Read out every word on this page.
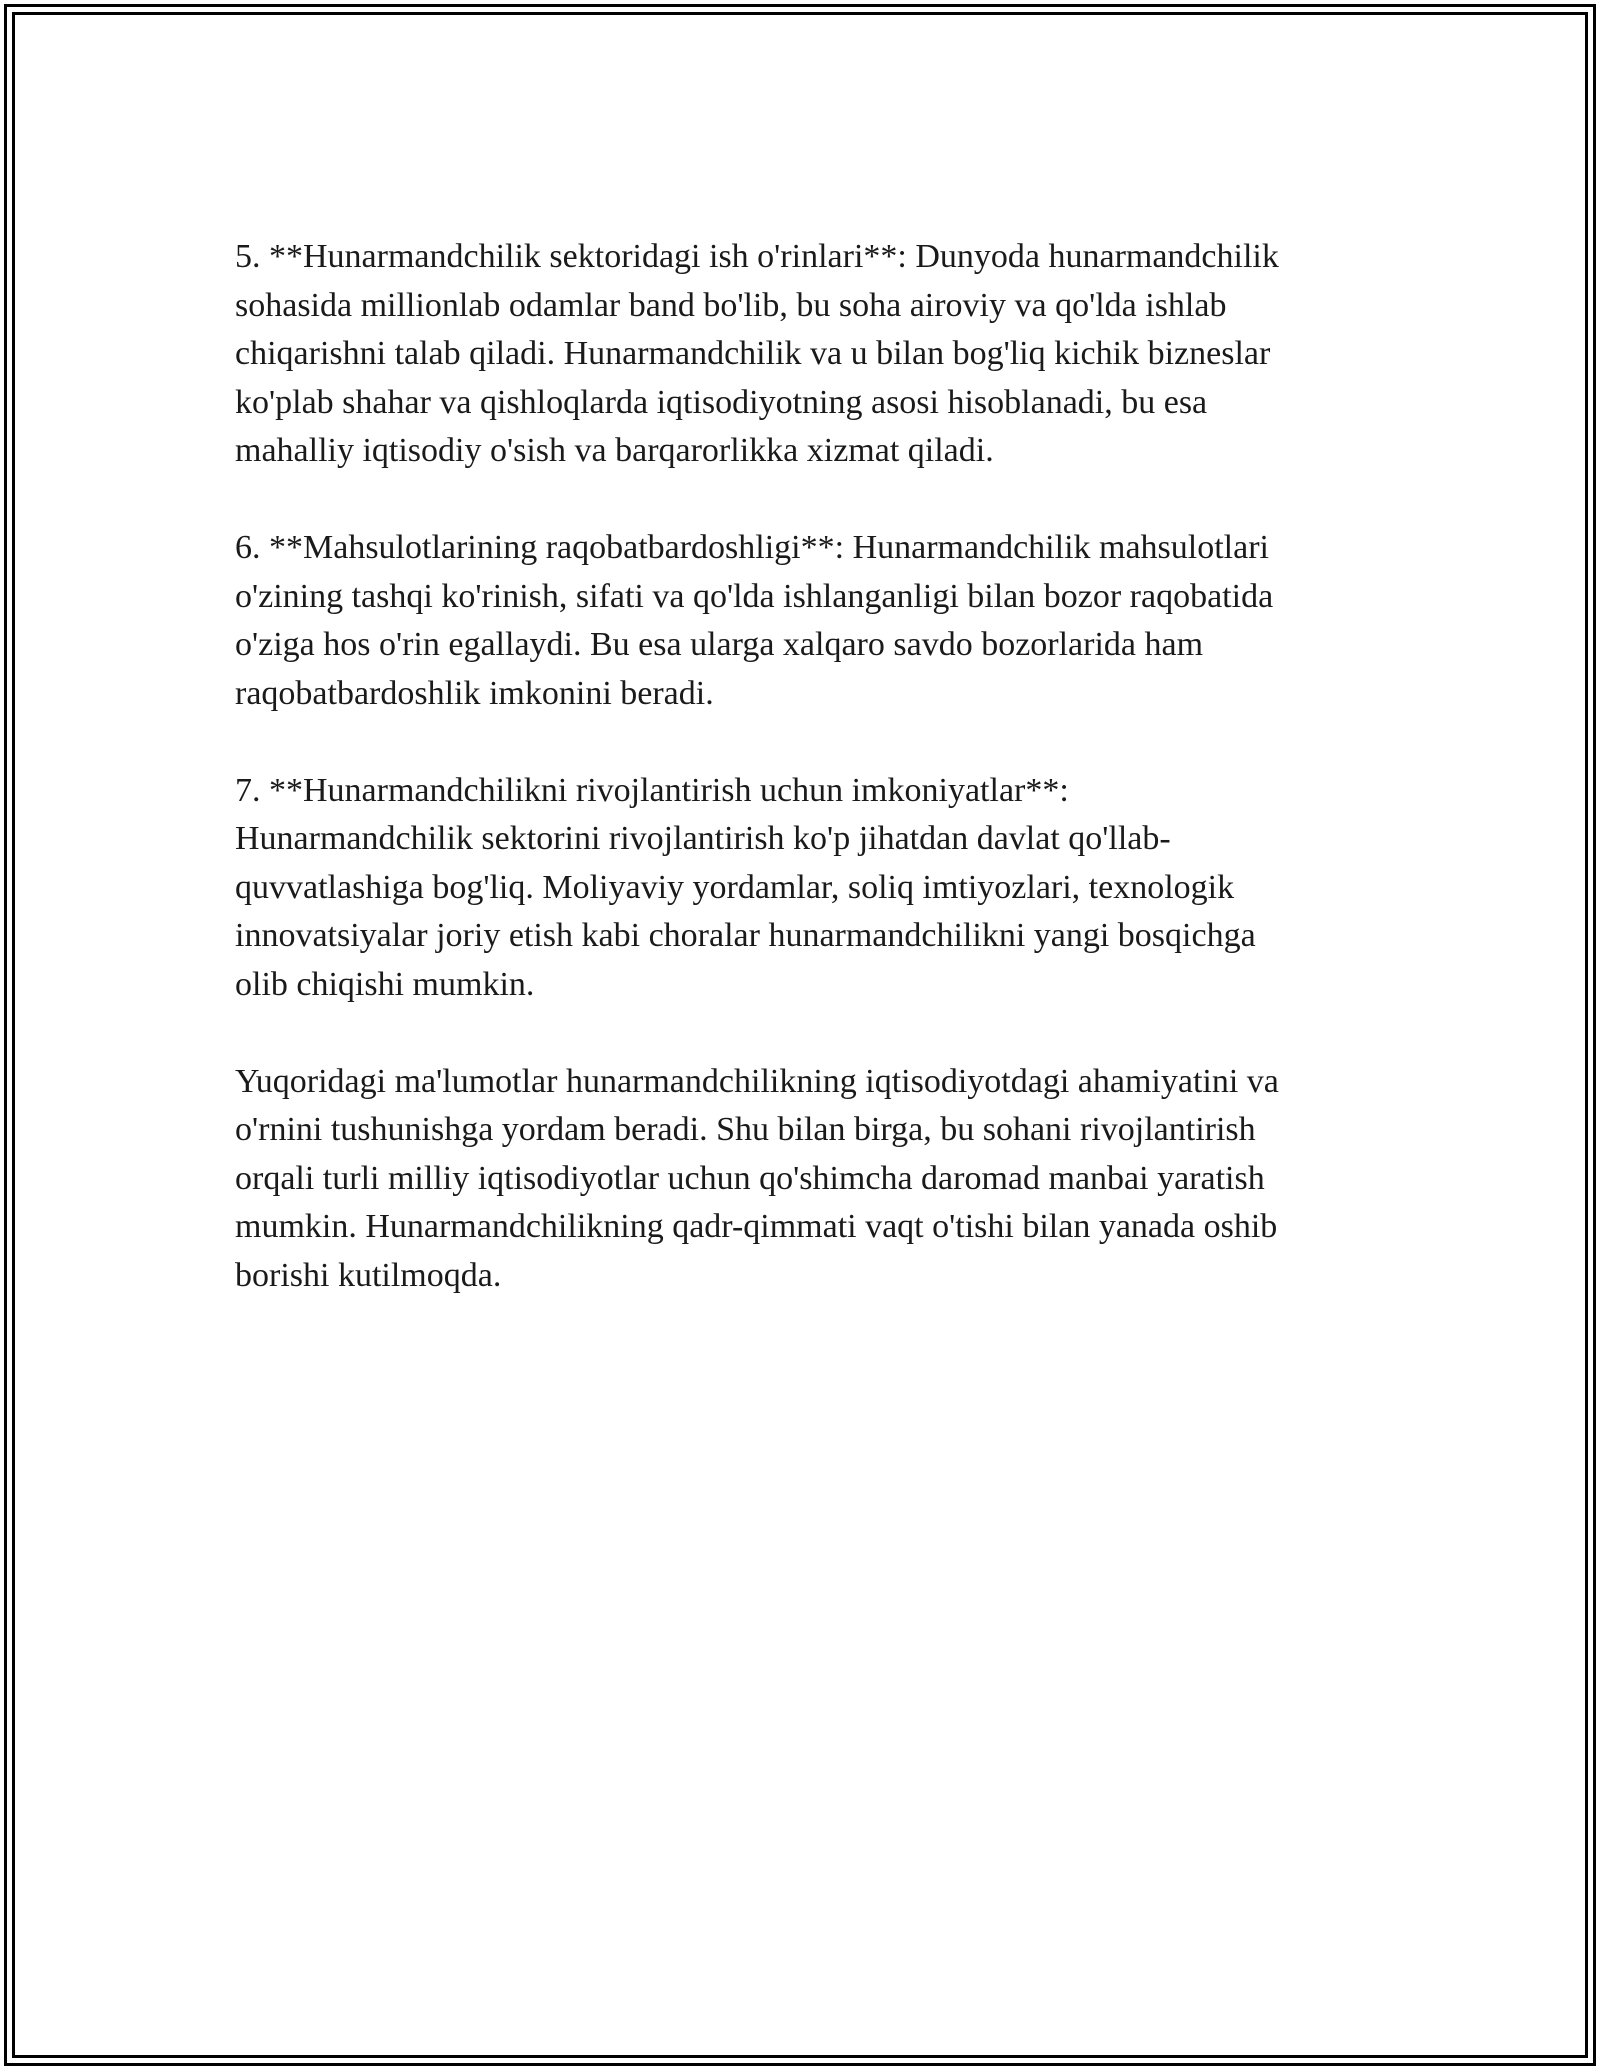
5. **Hunarmandchilik sektoridagi ish o'rinlari**: Dunyoda hunarmandchilik
sohasida millionlab odamlar band bo'lib, bu soha airoviy va qo'lda ishlab
chiqarishni talab qiladi. Hunarmandchilik va u bilan bog'liq kichik bizneslar
ko'plab shahar va qishloqlarda iqtisodiyotning asosi hisoblanadi, bu esa
mahalliy iqtisodiy o'sish va barqarorlikka xizmat qiladi.

6. **Mahsulotlarining raqobatbardoshligi**: Hunarmandchilik mahsulotlari
o'zining tashqi ko'rinish, sifati va qo'lda ishlanganligi bilan bozor raqobatida
o'ziga hos o'rin egallaydi. Bu esa ularga xalqaro savdo bozorlarida ham
raqobatbardoshlik imkonini beradi.

7. **Hunarmandchilikni rivojlantirish uchun imkoniyatlar**:
Hunarmandchilik sektorini rivojlantirish ko'p jihatdan davlat qo'llab-
quvvatlashiga bog'liq. Moliyaviy yordamlar, soliq imtiyozlari, texnologik
innovatsiyalar joriy etish kabi choralar hunarmandchilikni yangi bosqichga
olib chiqishi mumkin.

Yuqoridagi ma'lumotlar hunarmandchilikning iqtisodiyotdagi ahamiyatini va
o'rnini tushunishga yordam beradi. Shu bilan birga, bu sohani rivojlantirish
orqali turli milliy iqtisodiyotlar uchun qo'shimcha daromad manbai yaratish
mumkin. Hunarmandchilikning qadr-qimmati vaqt o'tishi bilan yanada oshib
borishi kutilmoqda.
